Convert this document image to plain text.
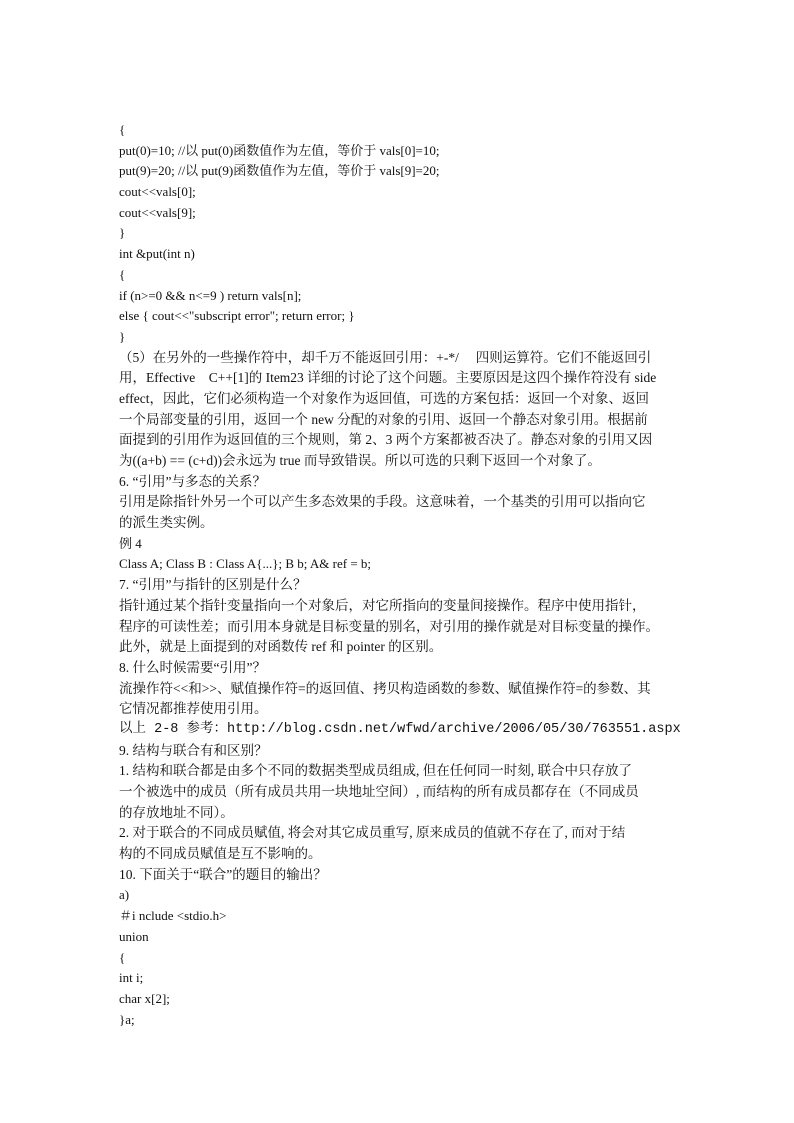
{
put(0)=10; //以 put(0)函数值作为左值，等价于 vals[0]=10;
put(9)=20; //以 put(9)函数值作为左值，等价于 vals[9]=20;
cout<<vals[0];
cout<<vals[9];
}
int &put(int n)
{
if (n>=0 && n<=9 ) return vals[n];
else { cout<<"subscript error"; return error; }
}
（5）在另外的一些操作符中，却千万不能返回引用：+-*/　 四则运算符。它们不能返回引
用，Effective　C++[1]的 Item23 详细的讨论了这个问题。主要原因是这四个操作符没有 side
effect，因此，它们必须构造一个对象作为返回值，可选的方案包括：返回一个对象、返回
一个局部变量的引用，返回一个 new 分配的对象的引用、返回一个静态对象引用。根据前
面提到的引用作为返回值的三个规则，第 2、3 两个方案都被否决了。静态对象的引用又因
为((a+b) == (c+d))会永远为 true 而导致错误。所以可选的只剩下返回一个对象了。
6. “引用”与多态的关系？
引用是除指针外另一个可以产生多态效果的手段。这意味着，一个基类的引用可以指向它
的派生类实例。
例 4
Class A; Class B : Class A{...}; B b; A& ref = b;
7. “引用”与指针的区别是什么？
指针通过某个指针变量指向一个对象后，对它所指向的变量间接操作。程序中使用指针，
程序的可读性差；而引用本身就是目标变量的别名，对引用的操作就是对目标变量的操作。
此外，就是上面提到的对函数传 ref 和 pointer 的区别。
8. 什么时候需要“引用”？
流操作符<<和>>、赋值操作符=的返回值、拷贝构造函数的参数、赋值操作符=的参数、其
它情况都推荐使用引用。
以上 2-8 参考：http://blog.csdn.net/wfwd/archive/2006/05/30/763551.aspx
9. 结构与联合有和区别？
1. 结构和联合都是由多个不同的数据类型成员组成, 但在任何同一时刻, 联合中只存放了
一个被选中的成员（所有成员共用一块地址空间）, 而结构的所有成员都存在（不同成员
的存放地址不同）。
2. 对于联合的不同成员赋值, 将会对其它成员重写, 原来成员的值就不存在了, 而对于结
构的不同成员赋值是互不影响的。
10. 下面关于“联合”的题目的输出？
a)
＃i nclude <stdio.h>
union
{
int i;
char x[2];
}a;
